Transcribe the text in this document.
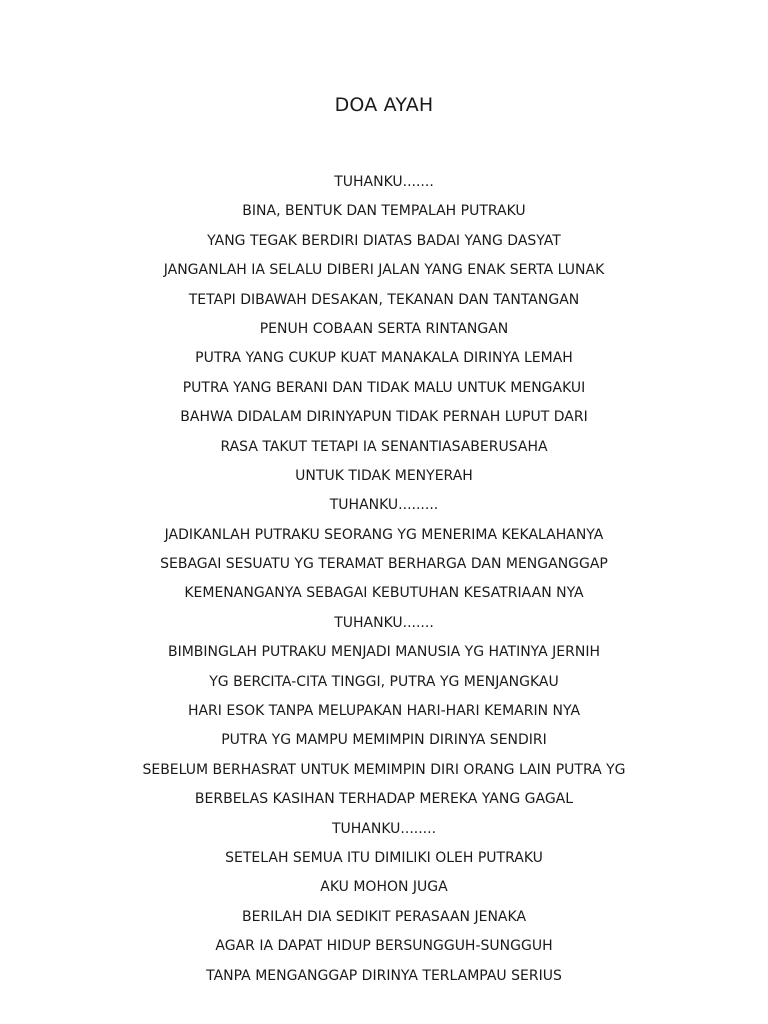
DOA AYAH
TUHANKU.......
BINA, BENTUK DAN TEMPALAH PUTRAKU
YANG TEGAK BERDIRI DIATAS BADAI YANG DASYAT
JANGANLAH IA SELALU DIBERI JALAN YANG ENAK SERTA LUNAK
TETAPI DIBAWAH DESAKAN, TEKANAN DAN TANTANGAN
PENUH COBAAN SERTA RINTANGAN
PUTRA YANG CUKUP KUAT MANAKALA DIRINYA LEMAH
PUTRA YANG BERANI DAN TIDAK MALU UNTUK MENGAKUI
BAHWA DIDALAM DIRINYAPUN TIDAK PERNAH LUPUT DARI
RASA TAKUT TETAPI IA SENANTIASABERUSAHA
UNTUK TIDAK MENYERAH
TUHANKU.........
JADIKANLAH PUTRAKU SEORANG YG MENERIMA KEKALAHANYA
SEBAGAI SESUATU YG TERAMAT BERHARGA DAN MENGANGGAP
KEMENANGANYA SEBAGAI KEBUTUHAN KESATRIAAN NYA
TUHANKU.......
BIMBINGLAH PUTRAKU MENJADI MANUSIA YG HATINYA JERNIH
YG BERCITA-CITA TINGGI, PUTRA YG MENJANGKAU
HARI ESOK TANPA MELUPAKAN HARI-HARI KEMARIN NYA
PUTRA YG MAMPU MEMIMPIN DIRINYA SENDIRI
SEBELUM BERHASRAT UNTUK MEMIMPIN DIRI ORANG LAIN PUTRA YG
BERBELAS KASIHAN TERHADAP MEREKA YANG GAGAL
TUHANKU........
SETELAH SEMUA ITU DIMILIKI OLEH PUTRAKU
AKU MOHON JUGA
BERILAH DIA SEDIKIT PERASAAN JENAKA
AGAR IA DAPAT HIDUP BERSUNGGUH-SUNGGUH
TANPA MENGANGGAP DIRINYA TERLAMPAU SERIUS
